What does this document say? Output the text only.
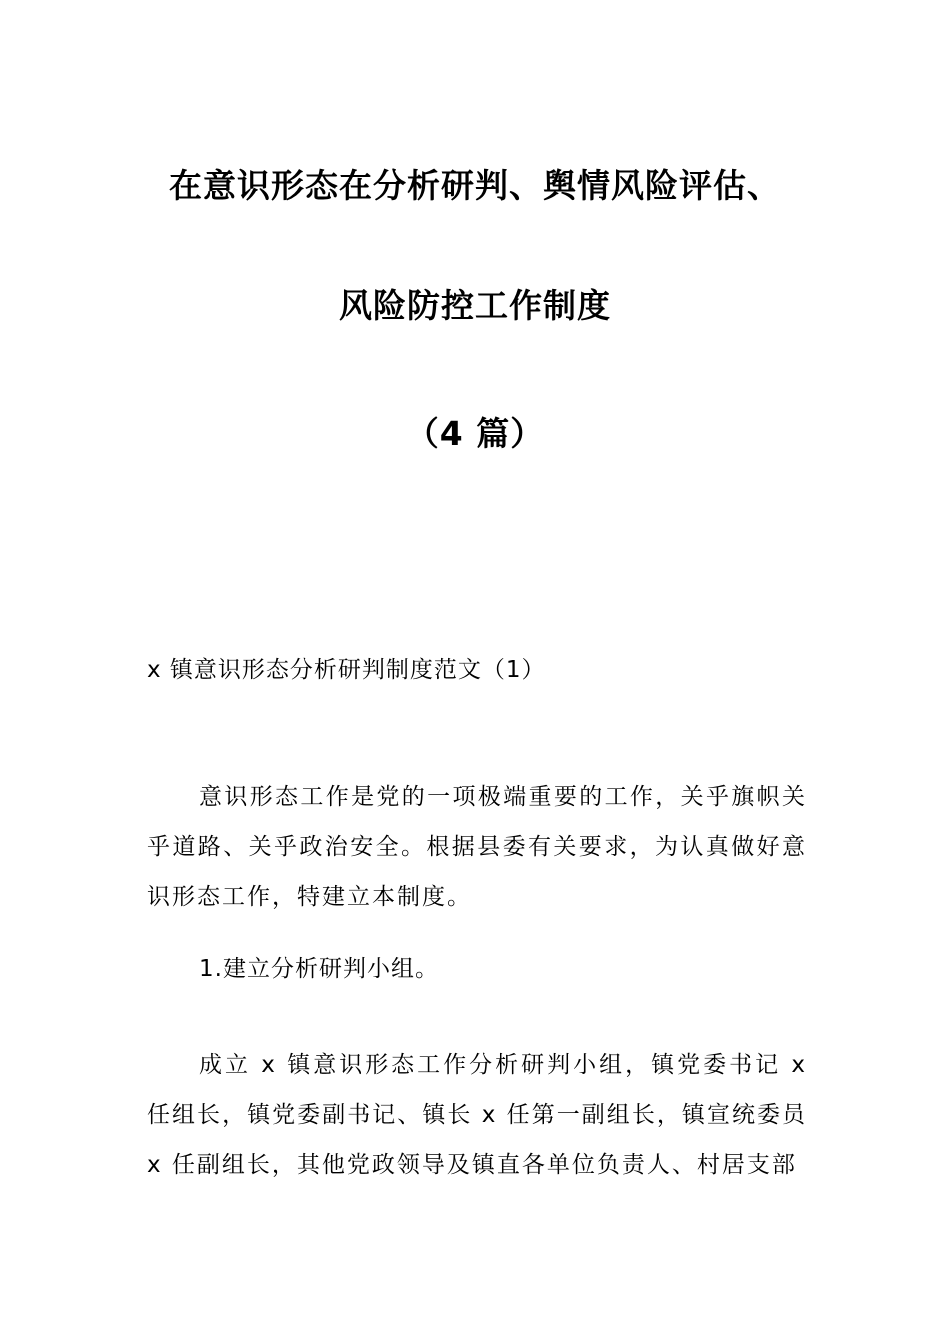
在意识形态在分析研判、舆情风险评估、
风险防控工作制度
（4 篇）
x 镇意识形态分析研判制度范文（1）
意识形态工作是党的一项极端重要的工作，关乎旗帜关乎道路、关乎政治安全。根据县委有关要求，为认真做好意识形态工作，特建立本制度。
1.建立分析研判小组。
成立 x 镇意识形态工作分析研判小组，镇党委书记 x 任组长，镇党委副书记、镇长 x 任第一副组长，镇宣统委员 x 任副组长，其他党政领导及镇直各单位负责人、村居支部
